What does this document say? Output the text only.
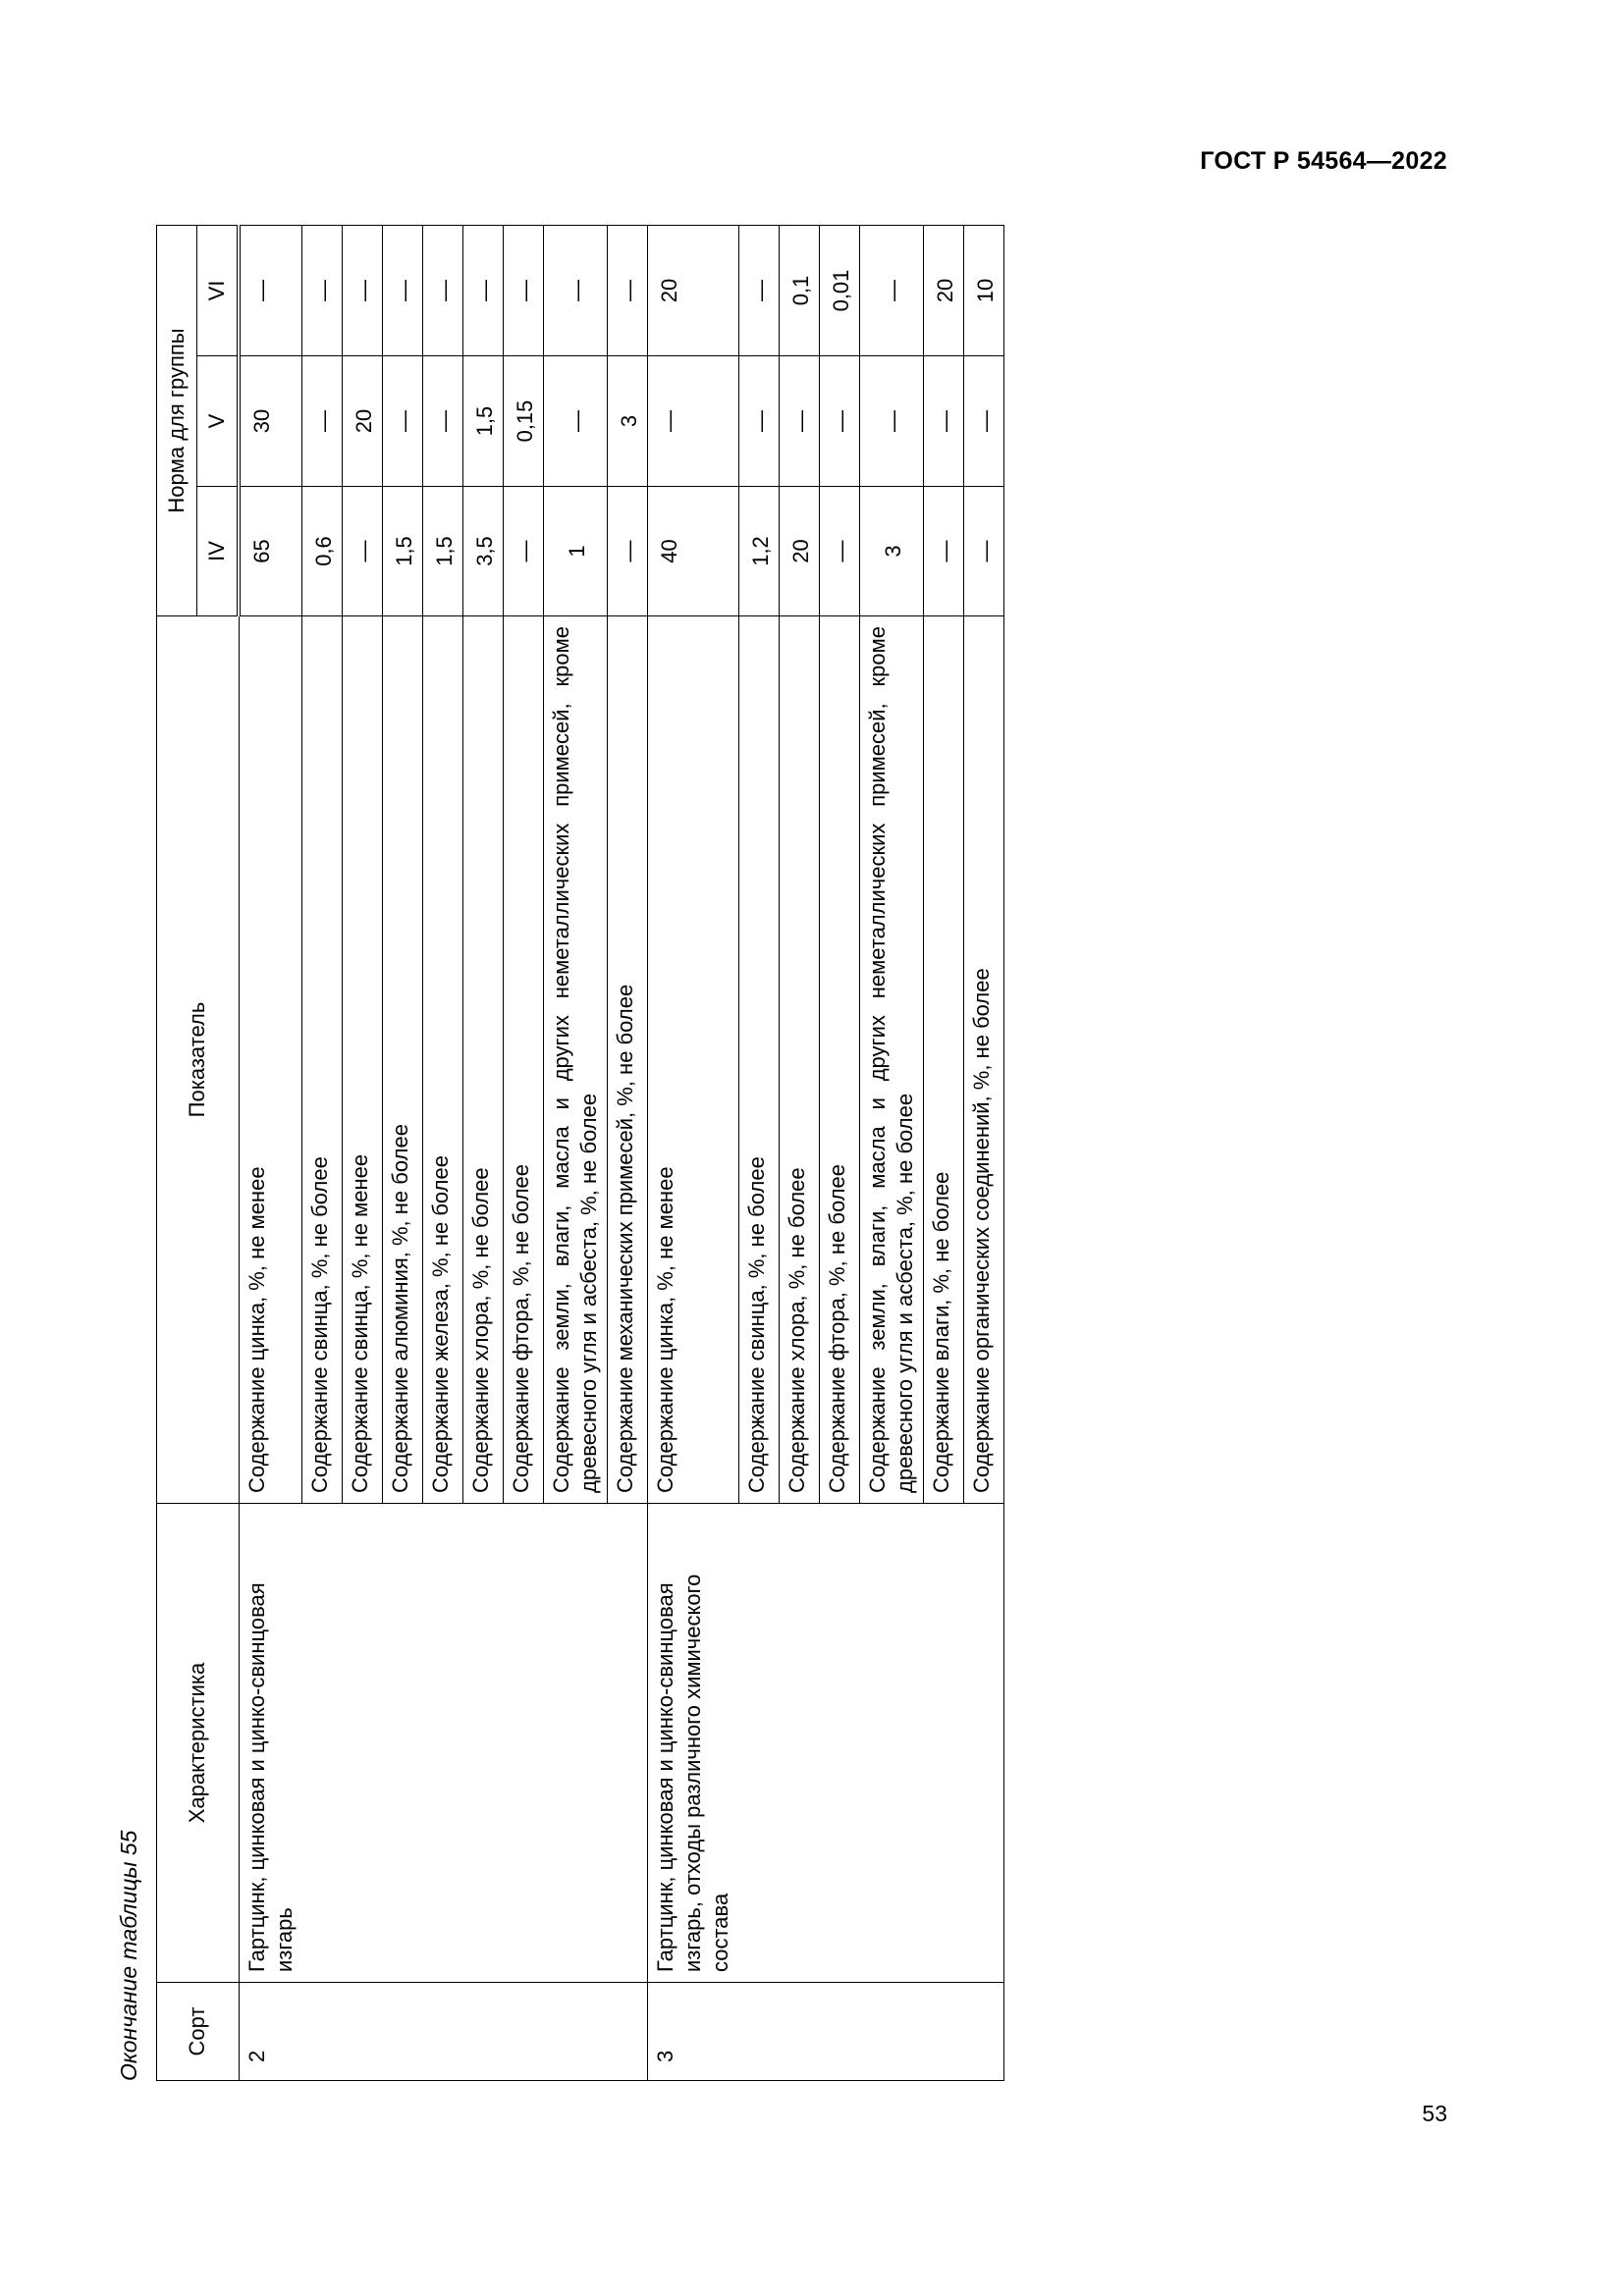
ГОСТ Р 54564—2022
Окончание таблицы 55 Сорт	Характеристика	Показатель	Норма для группы		
			IV	V	VI
2	Гартцинк, цинковая и цинко-свинцовая изгарь	Содержание цинка, %, не менее	65	30	—
		Содержание свинца, %, не более	0,6	—	—
		Содержание свинца, %, не менее	—	20	—
		Содержание алюминия, %, не более	1,5	—	—
		Содержание железа, %, не более	1,5	—	—
		Содержание хлора, %, не более	3,5	1,5	—
		Содержание фтора, %, не более	—	0,15	—
		Содержание земли, влаги, масла и других неметаллических примесей, кроме древесного угля и асбеста, %, не более	1	—	—
		Содержание механических примесей, %, не более	—	3	—
3	Гартцинк, цинковая и цинко-свинцовая изгарь, отходы различного химического состава	Содержание цинка, %, не менее	40	—	20
		Содержание свинца, %, не более	1,2	—	—
		Содержание хлора, %, не более	20	—	0,1
		Содержание фтора, %, не более	—	—	0,01
		Содержание земли, влаги, масла и других неметаллических примесей, кроме древесного угля и асбеста, %, не более	3	—	—
		Содержание влаги, %, не более	—	—	20
		Содержание органических соединений, %, не более	—	—	10
53
